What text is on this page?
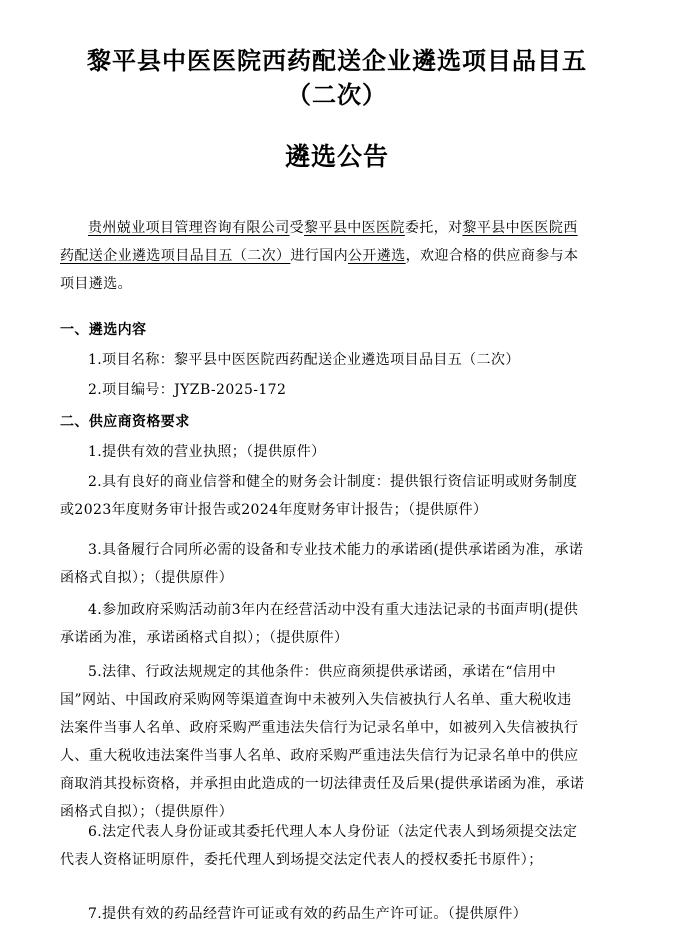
黎平县中医医院西药配送企业遴选项目品目五
（二次）
遴选公告
贵州兢业项目管理咨询有限公司受黎平县中医医院委托，对黎平县中医医院西药配送企业遴选项目品目五（二次）进行国内公开遴选，欢迎合格的供应商参与本项目遴选。
一、遴选内容
1.项目名称：黎平县中医医院西药配送企业遴选项目品目五（二次）
2.项目编号：JYZB-2025-172
二、供应商资格要求
1.提供有效的营业执照；（提供原件）
2.具有良好的商业信誉和健全的财务会计制度：提供银行资信证明或财务制度或2023年度财务审计报告或2024年度财务审计报告；（提供原件）
3.具备履行合同所必需的设备和专业技术能力的承诺函(提供承诺函为准，承诺函格式自拟）；（提供原件）
4.参加政府采购活动前3年内在经营活动中没有重大违法记录的书面声明(提供承诺函为准，承诺函格式自拟）；（提供原件）
5.法律、行政法规规定的其他条件：供应商须提供承诺函，承诺在“信用中国”网站、中国政府采购网等渠道查询中未被列入失信被执行人名单、重大税收违法案件当事人名单、政府采购严重违法失信行为记录名单中，如被列入失信被执行人、重大税收违法案件当事人名单、政府采购严重违法失信行为记录名单中的供应商取消其投标资格，并承担由此造成的一切法律责任及后果(提供承诺函为准，承诺函格式自拟）；（提供原件）
6.法定代表人身份证或其委托代理人本人身份证（法定代表人到场须提交法定代表人资格证明原件，委托代理人到场提交法定代表人的授权委托书原件）；
7.提供有效的药品经营许可证或有效的药品生产许可证。（提供原件）
